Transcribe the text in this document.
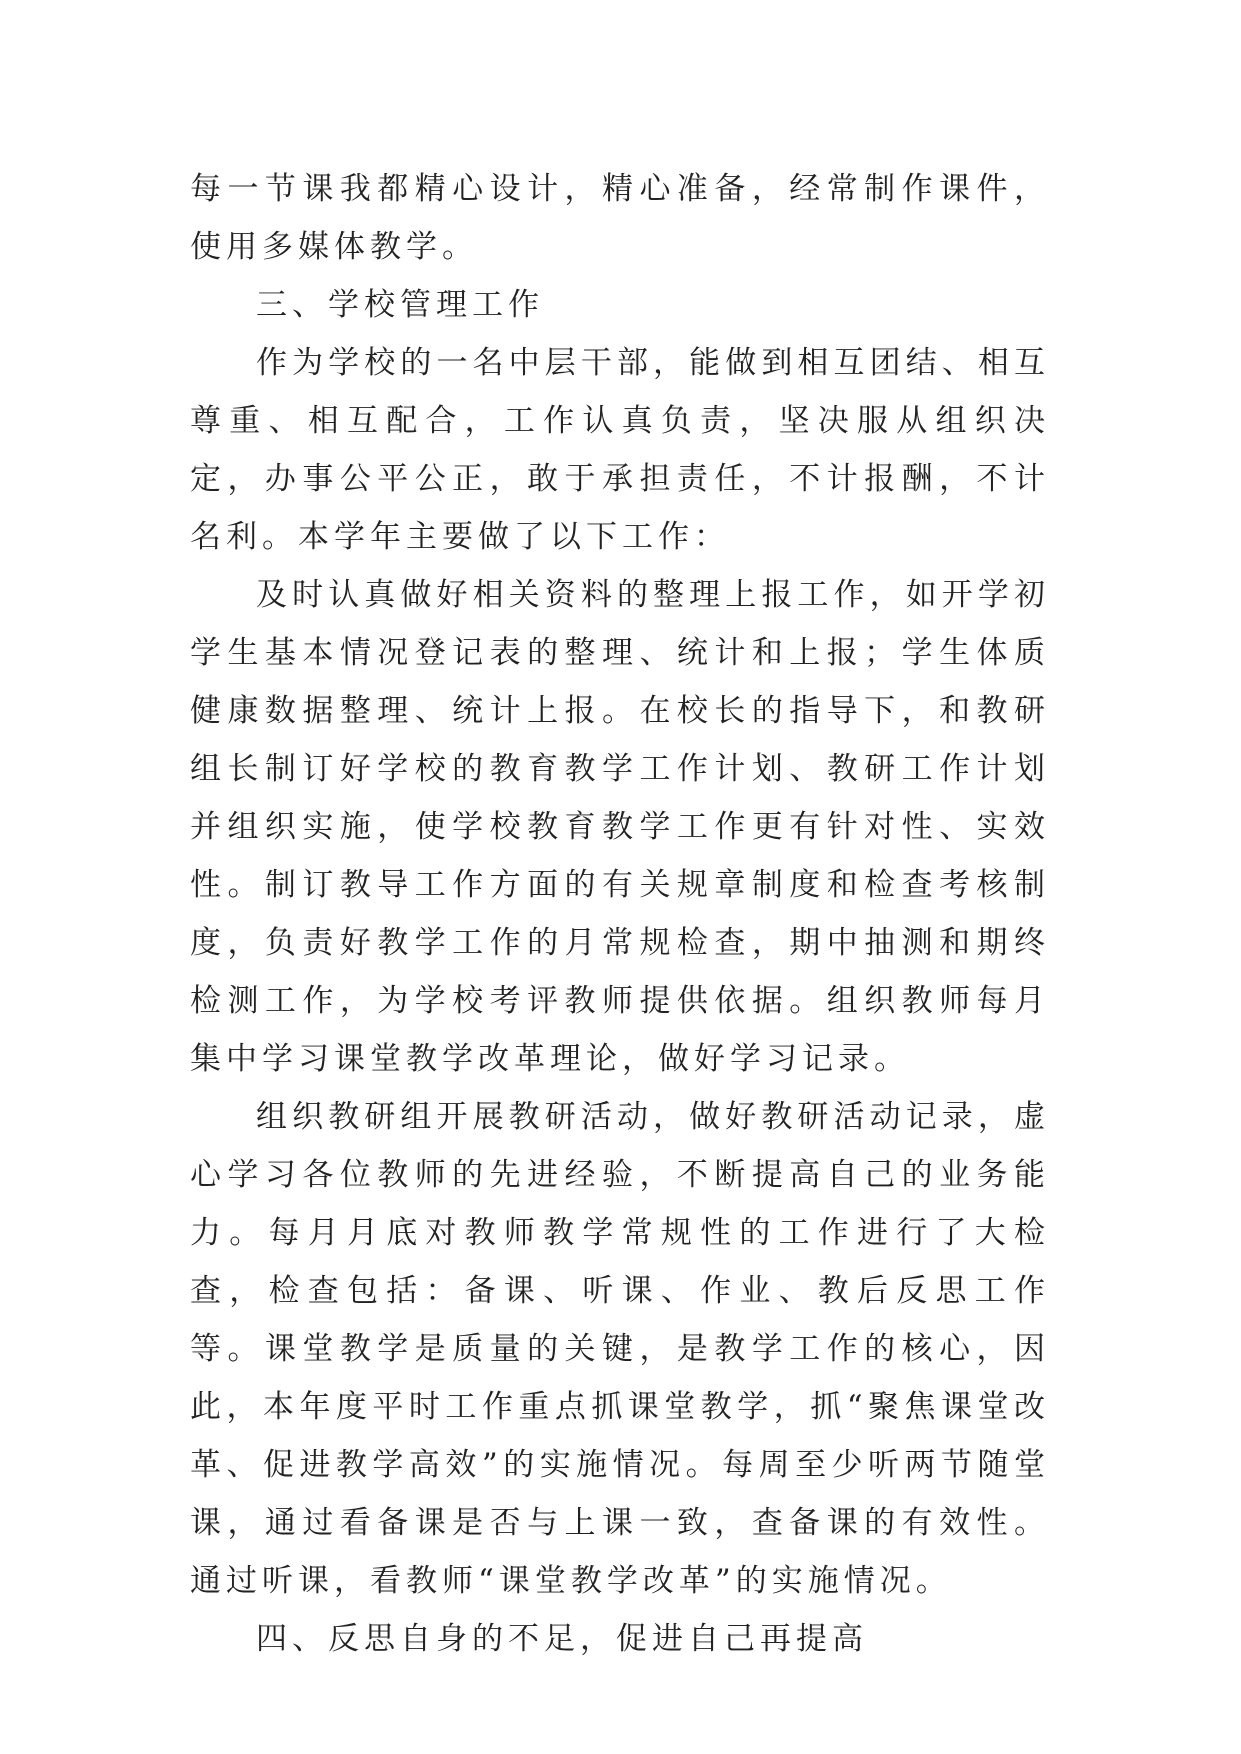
每一节课我都精心设计，精心准备，经常制作课件，使用多媒体教学。

三、学校管理工作

作为学校的一名中层干部，能做到相互团结、相互尊重、相互配合，工作认真负责，坚决服从组织决定，办事公平公正，敢于承担责任，不计报酬，不计名利。本学年主要做了以下工作：

及时认真做好相关资料的整理上报工作，如开学初学生基本情况登记表的整理、统计和上报；学生体质健康数据整理、统计上报。在校长的指导下，和教研组长制订好学校的教育教学工作计划、教研工作计划并组织实施，使学校教育教学工作更有针对性、实效性。制订教导工作方面的有关规章制度和检查考核制度，负责好教学工作的月常规检查，期中抽测和期终检测工作，为学校考评教师提供依据。组织教师每月集中学习课堂教学改革理论，做好学习记录。

组织教研组开展教研活动，做好教研活动记录，虚心学习各位教师的先进经验，不断提高自己的业务能力。每月月底对教师教学常规性的工作进行了大检查，检查包括：备课、听课、作业、教后反思工作等。课堂教学是质量的关键，是教学工作的核心，因此，本年度平时工作重点抓课堂教学，抓“聚焦课堂改革、促进教学高效”的实施情况。每周至少听两节随堂课，通过看备课是否与上课一致，查备课的有效性。通过听课，看教师“课堂教学改革”的实施情况。

四、反思自身的不足，促进自己再提高
